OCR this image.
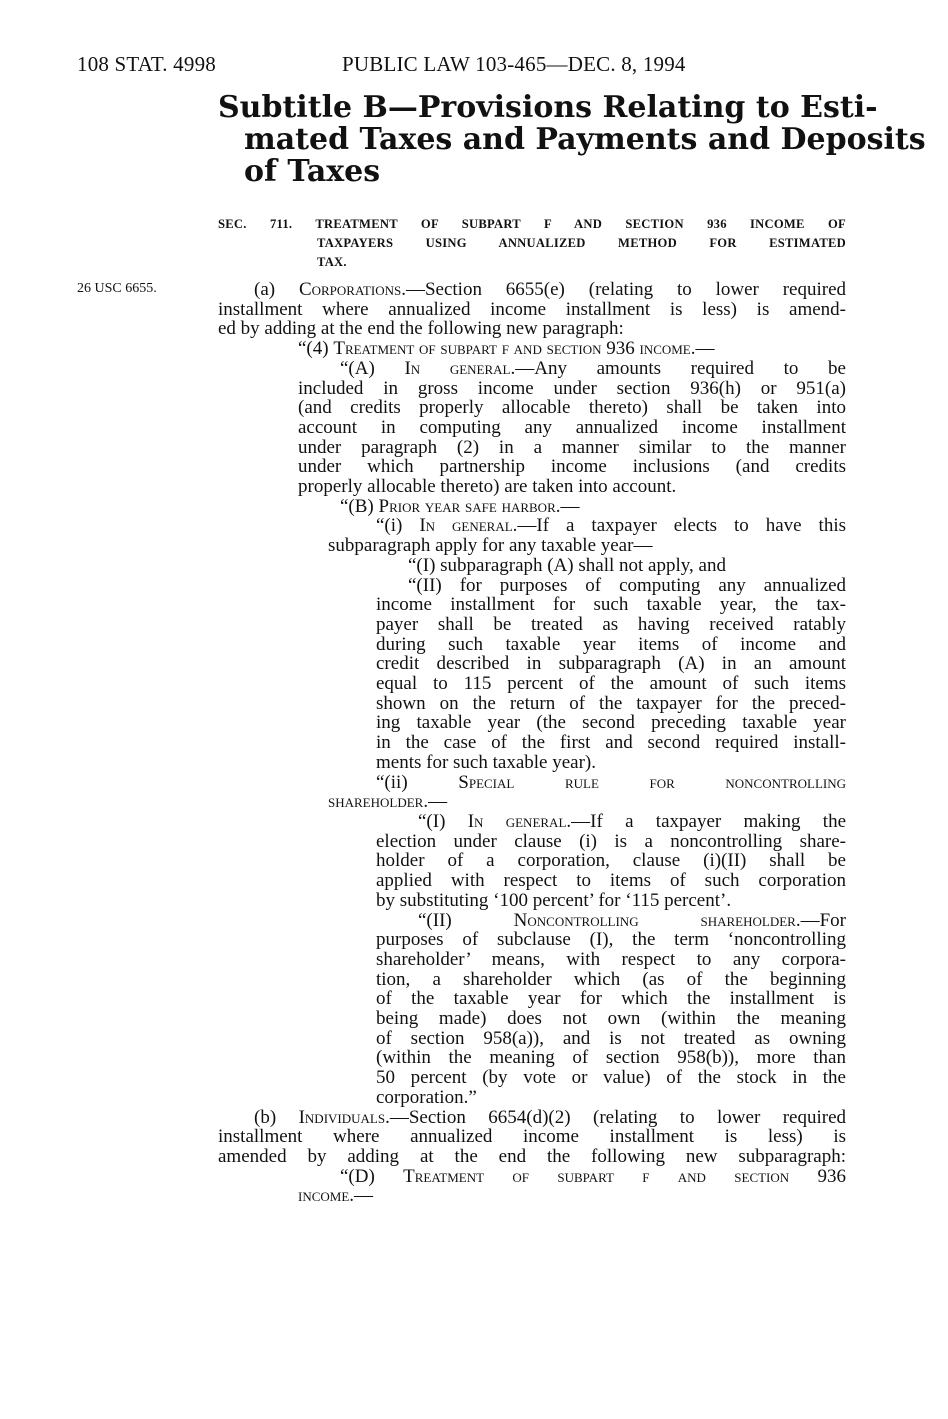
108 STAT. 4998	PUBLIC LAW 103-465—DEC. 8, 1994
Subtitle B—Provisions Relating to Esti-
mated Taxes and Payments and Deposits
of Taxes
SEC. 711. TREATMENT OF SUBPART F AND SECTION 936 INCOME OF
TAXPAYERS USING ANNUALIZED METHOD FOR ESTIMATED
TAX.
26 USC 6655.	(a) Corporations.—Section 6655(e) (relating to lower required
installment where annualized income installment is less) is amend-
ed by adding at the end the following new paragraph:
“(4) Treatment of subpart f and section 936 income.—
“(A) In general.—Any amounts required to be
included in gross income under section 936(h) or 951(a)
(and credits properly allocable thereto) shall be taken into
account in computing any annualized income installment
under paragraph (2) in a manner similar to the manner
under which partnership income inclusions (and credits
properly allocable thereto) are taken into account.
“(B) Prior year safe harbor.—
“(i) In general.—If a taxpayer elects to have this
subparagraph apply for any taxable year—
“(I) subparagraph (A) shall not apply, and
“(II) for purposes of computing any annualized
income installment for such taxable year, the tax-
payer shall be treated as having received ratably
during such taxable year items of income and
credit described in subparagraph (A) in an amount
equal to 115 percent of the amount of such items
shown on the return of the taxpayer for the preced-
ing taxable year (the second preceding taxable year
in the case of the first and second required install-
ments for such taxable year).
“(ii) Special rule for noncontrolling
shareholder.—
“(I) In general.—If a taxpayer making the
election under clause (i) is a noncontrolling share-
holder of a corporation, clause (i)(II) shall be
applied with respect to items of such corporation
by substituting ‘100 percent’ for ‘115 percent’.
“(II) Noncontrolling shareholder.—For
purposes of subclause (I), the term ‘noncontrolling
shareholder’ means, with respect to any corpora-
tion, a shareholder which (as of the beginning
of the taxable year for which the installment is
being made) does not own (within the meaning
of section 958(a)), and is not treated as owning
(within the meaning of section 958(b)), more than
50 percent (by vote or value) of the stock in the
corporation.”
(b) Individuals.—Section 6654(d)(2) (relating to lower required
installment where annualized income installment is less) is
amended by adding at the end the following new subparagraph:
“(D) Treatment of subpart f and section 936
income.—
